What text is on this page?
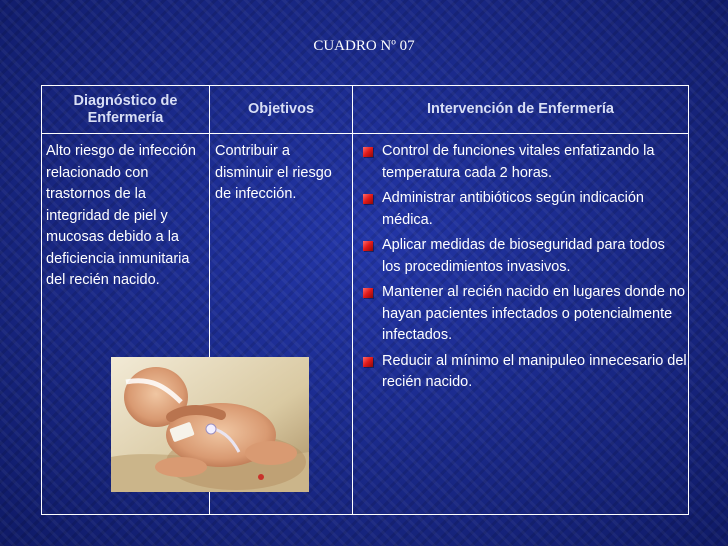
CUADRO Nº 07
Diagnóstico de Enfermería
Objetivos	Intervención de Enfermería
Alto riesgo de infección relacionado con trastornos de la integridad de piel y mucosas debido a la deficiencia inmunitaria del recién nacido.
Contribuir a disminuir el riesgo de infección.
Control de funciones vitales enfatizando la temperatura cada 2 horas.
Administrar antibióticos según indicación médica.
Aplicar medidas de bioseguridad para todos los procedimientos invasivos.
Mantener al recién nacido en lugares donde no hayan pacientes infectados o potencialmente infectados.
Reducir al mínimo el manipuleo innecesario del recién nacido.
